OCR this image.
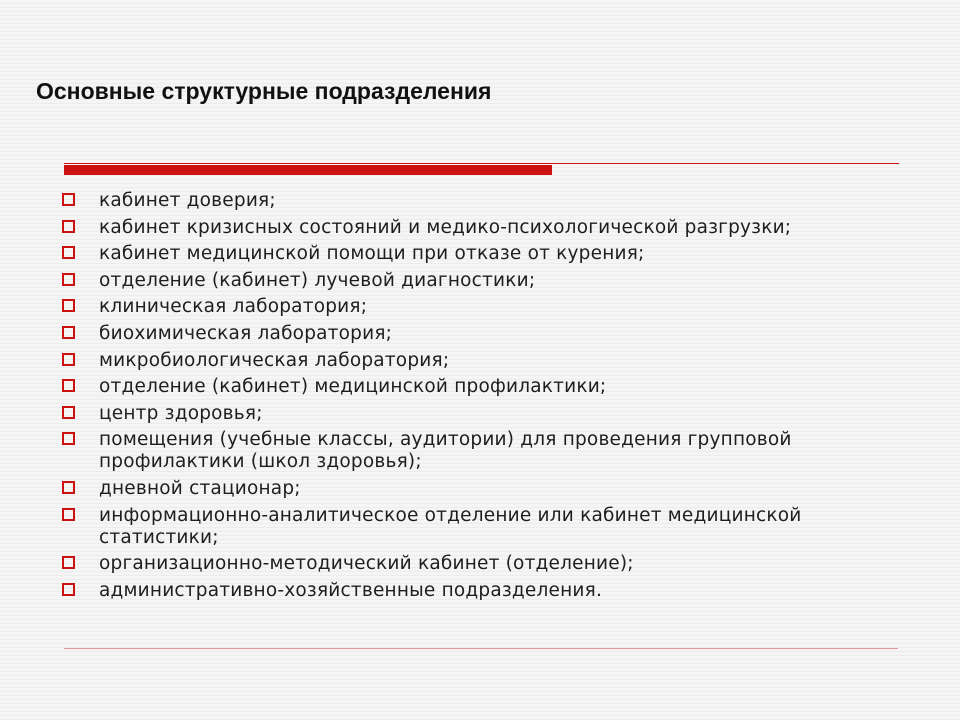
Основные структурные подразделения
кабинет доверия;
кабинет кризисных состояний и медико-психологической разгрузки;
кабинет медицинской помощи при отказе от курения;
отделение (кабинет) лучевой диагностики;
клиническая лаборатория;
биохимическая лаборатория;
микробиологическая лаборатория;
отделение (кабинет) медицинской профилактики;
центр здоровья;
помещения (учебные классы, аудитории) для проведения групповой профилактики (школ здоровья);
дневной стационар;
информационно-аналитическое отделение или кабинет медицинской статистики;
организационно-методический кабинет (отделение);
административно-хозяйственные подразделения.
